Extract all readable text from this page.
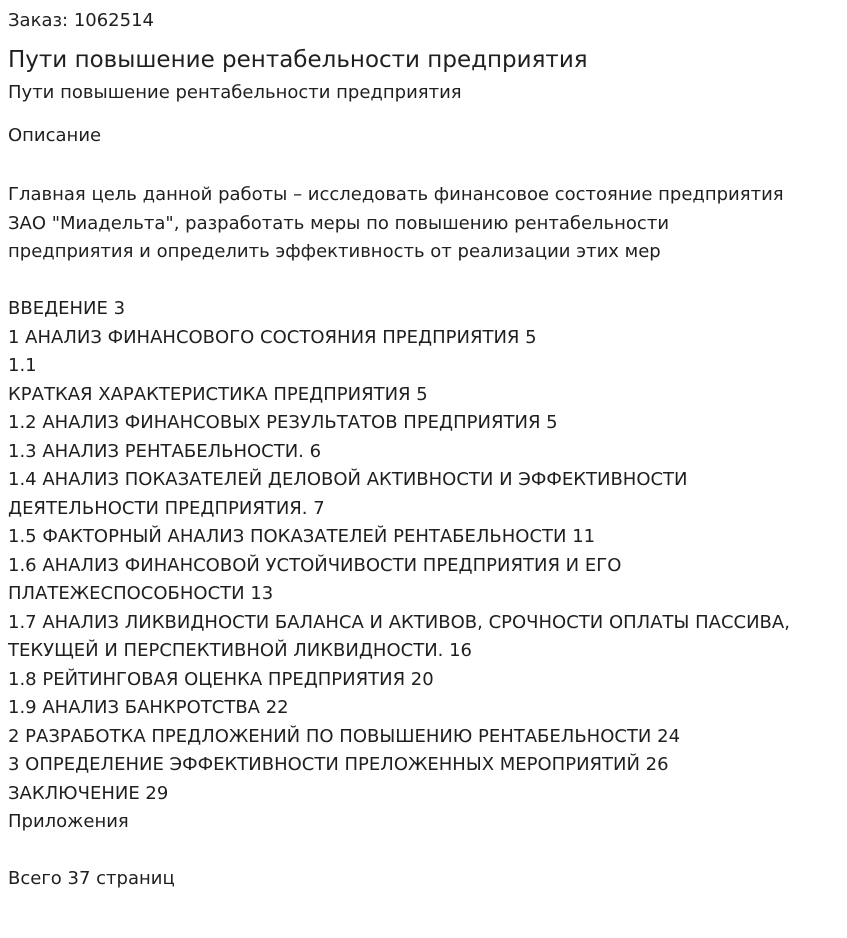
Заказ: 1062514

Пути повышение рентабельности предприятия

Пути повышение рентабельности предприятия

Описание

Главная цель данной работы – исследовать финансовое состояние предприятия
ЗАО "Миадельта", разработать меры по повышению рентабельности
предприятия и определить эффективность от реализации этих мер
ВВЕДЕНИЕ 3
1 АНАЛИЗ ФИНАНСОВОГО СОСТОЯНИЯ ПРЕДПРИЯТИЯ 5
1.1
КРАТКАЯ ХАРАКТЕРИСТИКА ПРЕДПРИЯТИЯ 5
1.2 АНАЛИЗ ФИНАНСОВЫХ РЕЗУЛЬТАТОВ ПРЕДПРИЯТИЯ 5
1.3 АНАЛИЗ РЕНТАБЕЛЬНОСТИ. 6
1.4 АНАЛИЗ ПОКАЗАТЕЛЕЙ ДЕЛОВОЙ АКТИВНОСТИ И ЭФФЕКТИВНОСТИ ДЕЯТЕЛЬНОСТИ ПРЕДПРИЯТИЯ. 7
1.5 ФАКТОРНЫЙ АНАЛИЗ ПОКАЗАТЕЛЕЙ РЕНТАБЕЛЬНОСТИ 11
1.6 АНАЛИЗ ФИНАНСОВОЙ УСТОЙЧИВОСТИ ПРЕДПРИЯТИЯ И ЕГО ПЛАТЕЖЕСПОСОБНОСТИ 13
1.7 АНАЛИЗ ЛИКВИДНОСТИ БАЛАНСА И АКТИВОВ, СРОЧНОСТИ ОПЛАТЫ ПАССИВА, ТЕКУЩЕЙ И ПЕРСПЕКТИВНОЙ ЛИКВИДНОСТИ. 16
1.8 РЕЙТИНГОВАЯ ОЦЕНКА ПРЕДПРИЯТИЯ 20
1.9 АНАЛИЗ БАНКРОТСТВА 22
2 РАЗРАБОТКА ПРЕДЛОЖЕНИЙ ПО ПОВЫШЕНИЮ РЕНТАБЕЛЬНОСТИ 24
3 ОПРЕДЕЛЕНИЕ ЭФФЕКТИВНОСТИ ПРЕЛОЖЕННЫХ МЕРОПРИЯТИЙ 26
ЗАКЛЮЧЕНИЕ 29
Приложения

Всего 37 страниц
